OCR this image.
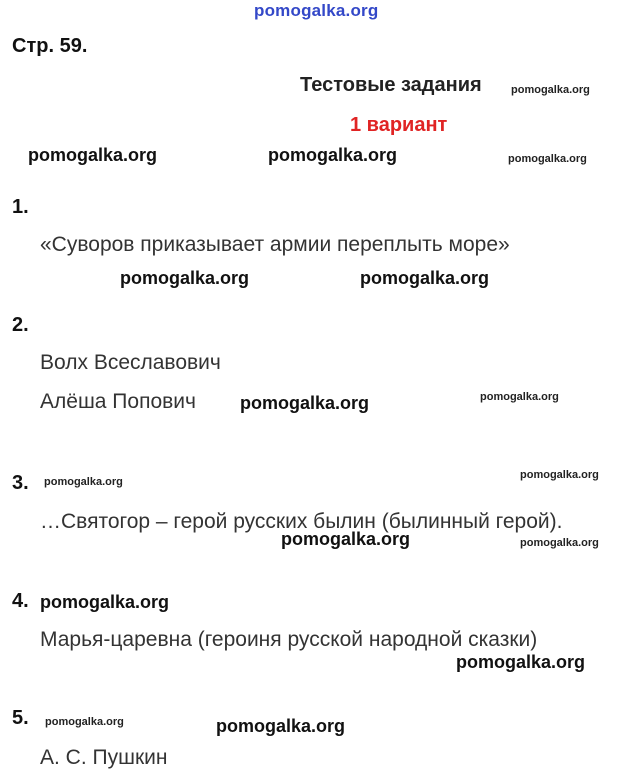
pomogalka.org
Стр. 59.
Тестовые задания	pomogalka.org
1 вариант
pomogalka.org	pomogalka.org	pomogalka.org
1.
«Суворов приказывает армии переплыть море»
pomogalka.org	pomogalka.org
2.
Волх Всеславович
Алёша Попович pomogalka.org	pomogalka.org
3. pomogalka.org
pomogalka.org
…Святогор – герой русских былин (былинный герой).
pomogalka.org	pomogalka.org
4. pomogalka.org
Марья-царевна (героиня русской народной сказки)
pomogalka.org
5. pomogalka.org	pomogalka.org
А. С. Пушкин
